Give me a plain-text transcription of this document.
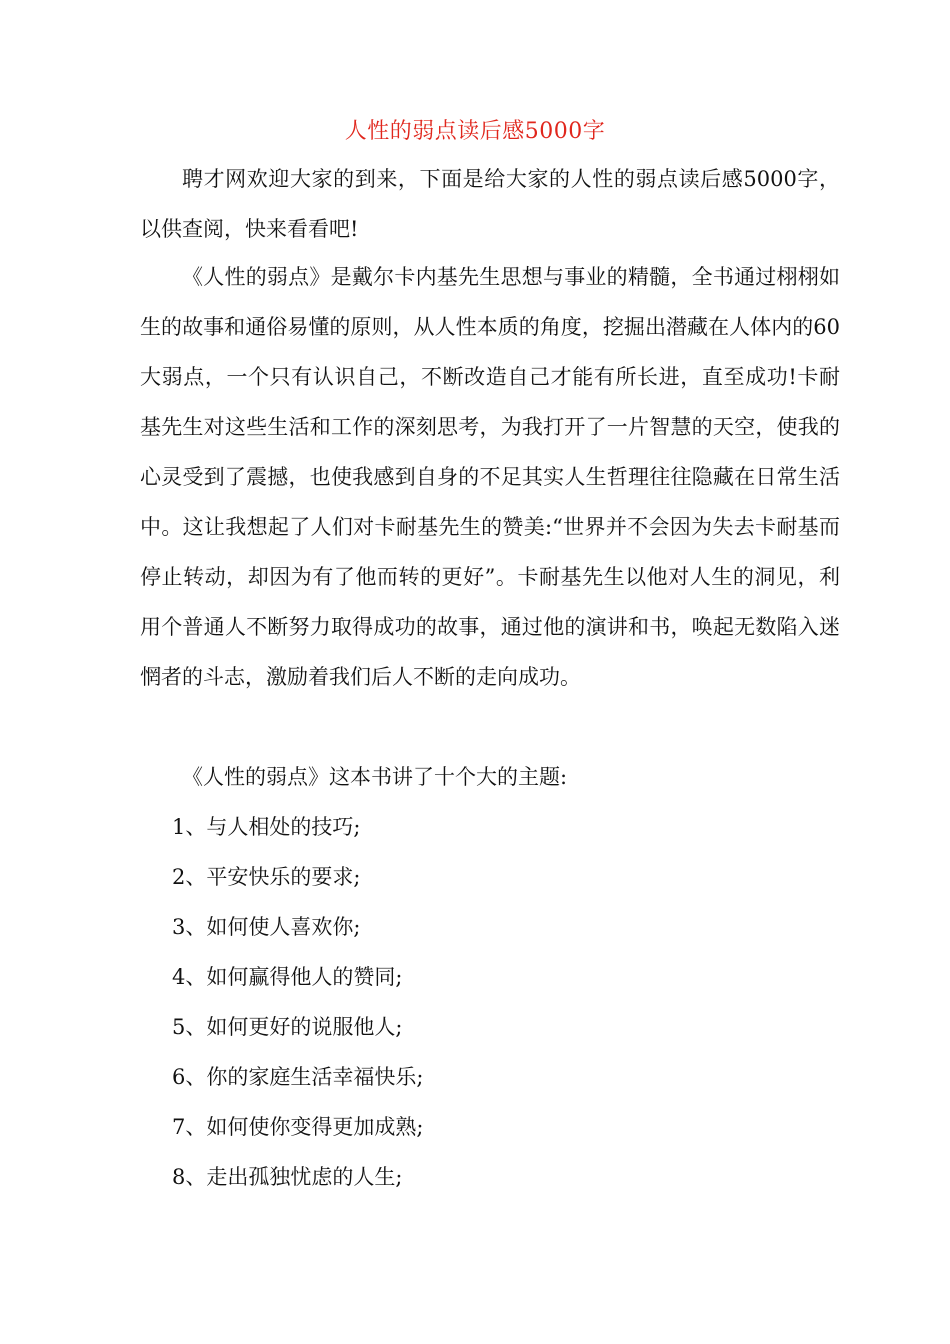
人性的弱点读后感5000字

聘才网欢迎大家的到来，下面是给大家的人性的弱点读后感5000字，以供查阅，快来看看吧!

《人性的弱点》是戴尔卡内基先生思想与事业的精髓，全书通过栩栩如生的故事和通俗易懂的原则，从人性本质的角度，挖掘出潜藏在人体内的60大弱点，一个只有认识自己，不断改造自己才能有所长进，直至成功!卡耐基先生对这些生活和工作的深刻思考，为我打开了一片智慧的天空，使我的心灵受到了震撼，也使我感到自身的不足其实人生哲理往往隐藏在日常生活中。这让我想起了人们对卡耐基先生的赞美:“世界并不会因为失去卡耐基而停止转动，却因为有了他而转的更好”。卡耐基先生以他对人生的洞见，利用个普通人不断努力取得成功的故事，通过他的演讲和书，唤起无数陷入迷惘者的斗志，激励着我们后人不断的走向成功。

《人性的弱点》这本书讲了十个大的主题:

1、与人相处的技巧;
2、平安快乐的要求;
3、如何使人喜欢你;
4、如何赢得他人的赞同;
5、如何更好的说服他人;
6、你的家庭生活幸福快乐;
7、如何使你变得更加成熟;
8、走出孤独忧虑的人生;
